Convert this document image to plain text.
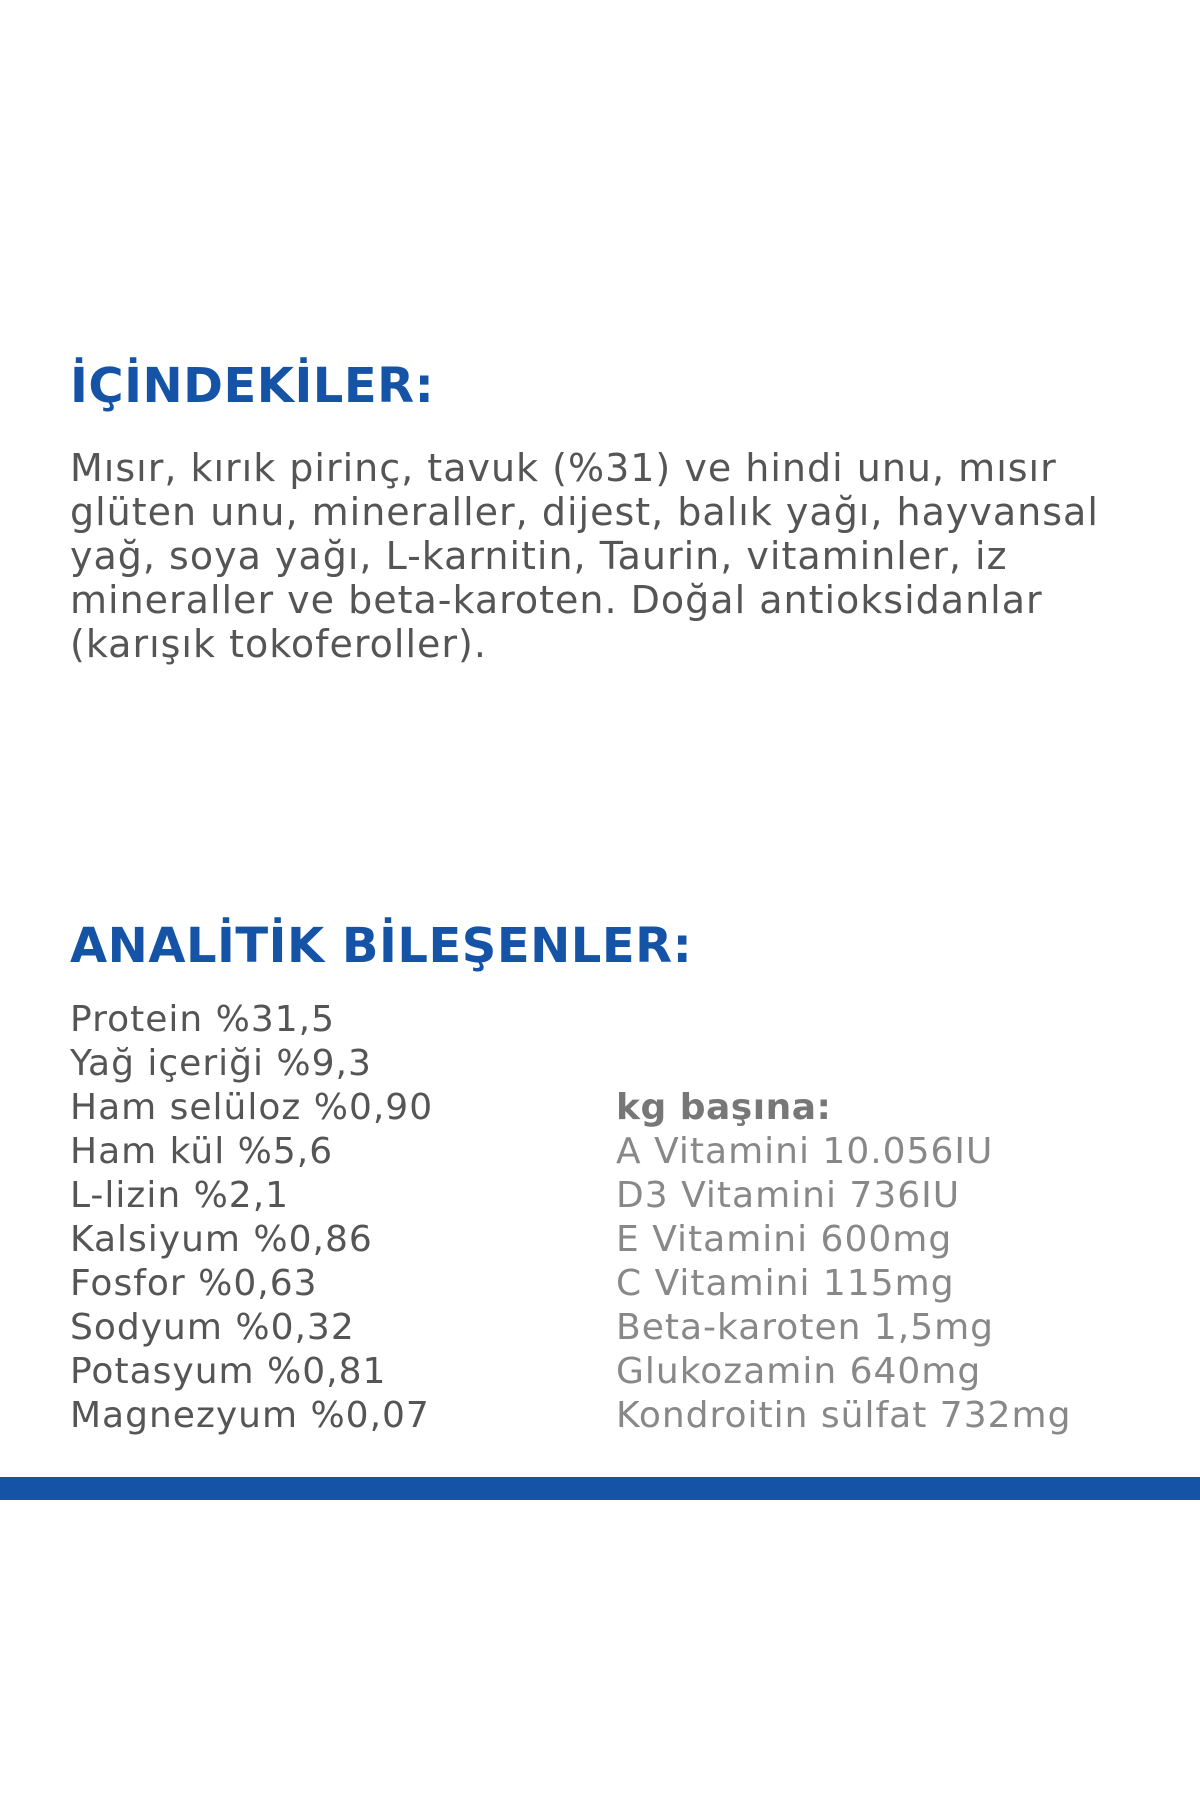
İÇİNDEKİLER:

Mısır, kırık pirinç, tavuk (%31) ve hindi unu, mısır
glüten unu, mineraller, dijest, balık yağı, hayvansal
yağ, soya yağı, L-karnitin, Taurin, vitaminler, iz
mineraller ve beta-karoten. Doğal antioksidanlar
(karışık tokoferoller).

ANALİTİK BİLEŞENLER:
Protein %31,5
Yağ içeriği %9,3
Ham selüloz %0,90
Ham kül %5,6
L-lizin %2,1
Kalsiyum %0,86
Fosfor %0,63
Sodyum %0,32
Potasyum %0,81
Magnezyum %0,07
kg başına:
A Vitamini 10.056IU
D3 Vitamini 736IU
E Vitamini 600mg
C Vitamini 115mg
Beta-karoten 1,5mg
Glukozamin 640mg
Kondroitin sülfat 732mg
